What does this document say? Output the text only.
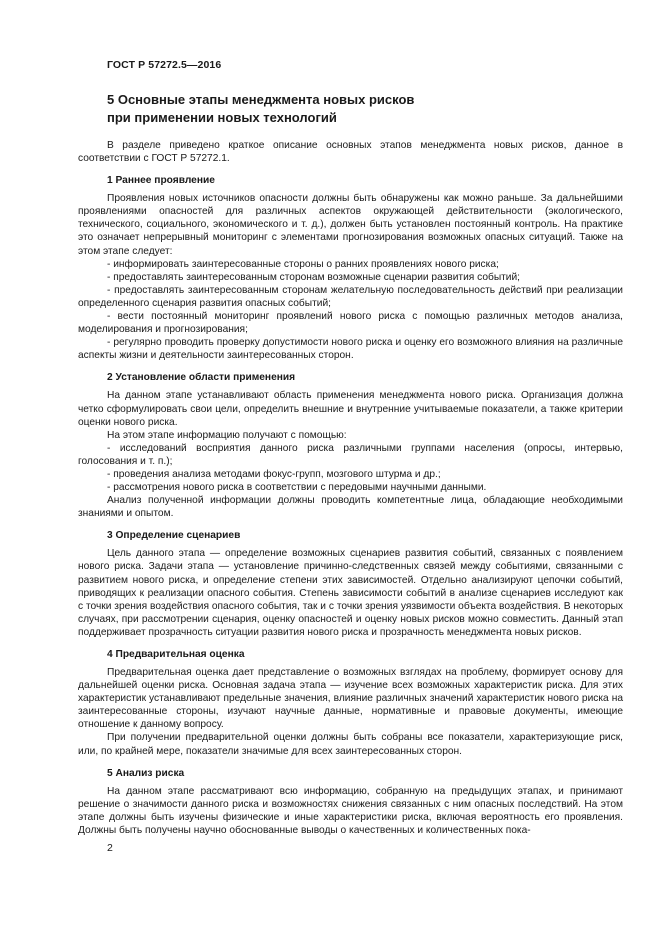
ГОСТ Р 57272.5—2016

5 Основные этапы менеджмента новых рисков
при применении новых технологий

В разделе приведено краткое описание основных этапов менеджмента новых рисков, данное в соответствии с ГОСТ Р 57272.1.

1 Раннее проявление

Проявления новых источников опасности должны быть обнаружены как можно раньше. За дальнейшими проявлениями опасностей для различных аспектов окружающей действительности (экологического, технического, социального, экономического и т. д.), должен быть установлен постоянный контроль. На практике это означает непрерывный мониторинг с элементами прогнозирования возможных опасных ситуаций. Также на этом этапе следует:

- информировать заинтересованные стороны о ранних проявлениях нового риска;

- предоставлять заинтересованным сторонам возможные сценарии развития событий;

- предоставлять заинтересованным сторонам желательную последовательность действий при реализации определенного сценария развития опасных событий;

- вести постоянный мониторинг проявлений нового риска с помощью различных методов анализа, моделирования и прогнозирования;

- регулярно проводить проверку допустимости нового риска и оценку его возможного влияния на различные аспекты жизни и деятельности заинтересованных сторон.

2 Установление области применения

На данном этапе устанавливают область применения менеджмента нового риска. Организация должна четко сформулировать свои цели, определить внешние и внутренние учитываемые показатели, а также критерии оценки нового риска.

На этом этапе информацию получают с помощью:

- исследований восприятия данного риска различными группами населения (опросы, интервью, голосования и т. п.);

- проведения анализа методами фокус-групп, мозгового штурма и др.;

- рассмотрения нового риска в соответствии с передовыми научными данными.

Анализ полученной информации должны проводить компетентные лица, обладающие необходимыми знаниями и опытом.

3 Определение сценариев

Цель данного этапа — определение возможных сценариев развития событий, связанных с появлением нового риска. Задачи этапа — установление причинно-следственных связей между событиями, связанными с развитием нового риска, и определение степени этих зависимостей. Отдельно анализируют цепочки событий, приводящих к реализации опасного события. Степень зависимости событий в анализе сценариев исследуют как с точки зрения воздействия опасного события, так и с точки зрения уязвимости объекта воздействия. В некоторых случаях, при рассмотрении сценария, оценку опасностей и оценку новых рисков можно совместить. Данный этап поддерживает прозрачность ситуации развития нового риска и прозрачность менеджмента новых рисков.

4 Предварительная оценка

Предварительная оценка дает представление о возможных взглядах на проблему, формирует основу для дальнейшей оценки риска. Основная задача этапа — изучение всех возможных характеристик риска. Для этих характеристик устанавливают предельные значения, влияние различных значений характеристик нового риска на заинтересованные стороны, изучают научные данные, нормативные и правовые документы, имеющие отношение к данному вопросу.

При получении предварительной оценки должны быть собраны все показатели, характеризующие риск, или, по крайней мере, показатели значимые для всех заинтересованных сторон.

5 Анализ риска

На данном этапе рассматривают всю информацию, собранную на предыдущих этапах, и принимают решение о значимости данного риска и возможностях снижения связанных с ним опасных последствий. На этом этапе должны быть изучены физические и иные характеристики риска, включая вероятность его проявления. Должны быть получены научно обоснованные выводы о качественных и количественных пока-

2
